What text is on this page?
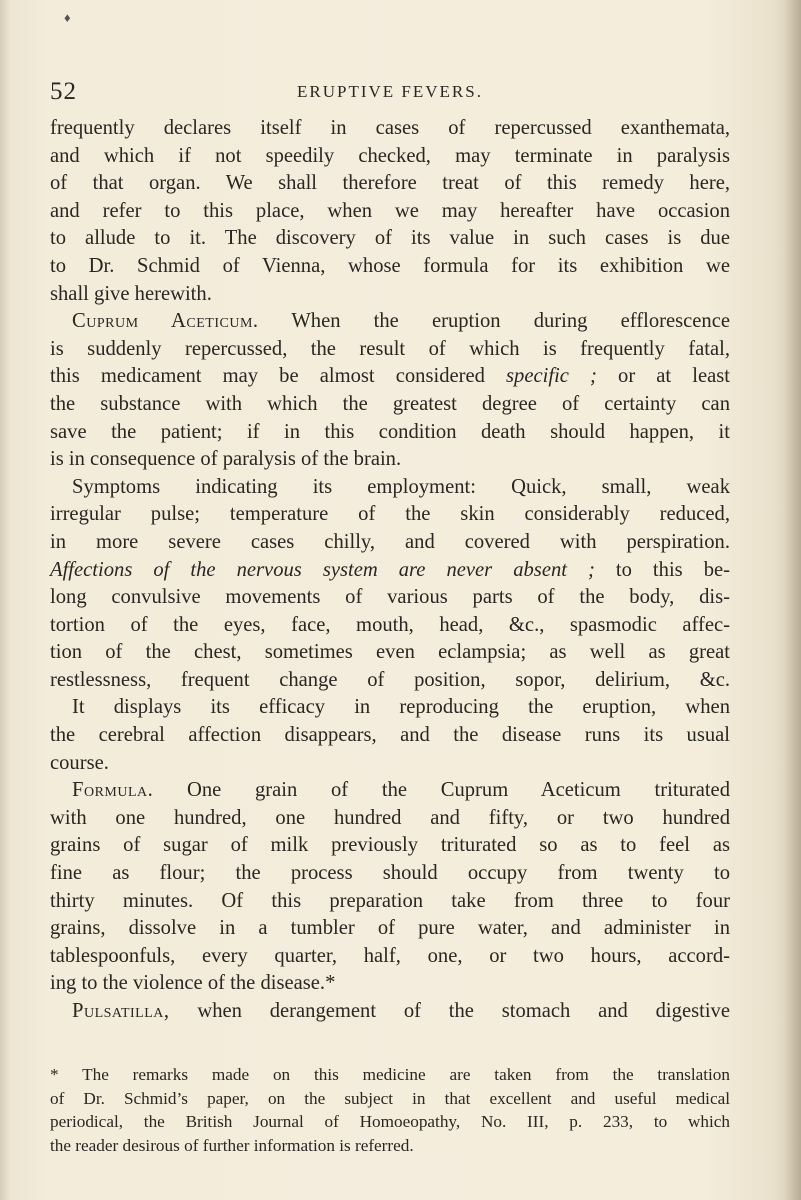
♦
52	ERUPTIVE FEVERS.
frequently declares itself in cases of repercussed exanthemata,
and which if not speedily checked, may terminate in paralysis
of that organ. We shall therefore treat of this remedy here,
and refer to this place, when we may hereafter have occasion
to allude to it. The discovery of its value in such cases is due
to Dr. Schmid of Vienna, whose formula for its exhibition we
shall give herewith.
Cuprum Aceticum. When the eruption during efflorescence
is suddenly repercussed, the result of which is frequently fatal,
this medicament may be almost considered specific ; or at least
the substance with which the greatest degree of certainty can
save the patient; if in this condition death should happen, it
is in consequence of paralysis of the brain.
Symptoms indicating its employment: Quick, small, weak
irregular pulse; temperature of the skin considerably reduced,
in more severe cases chilly, and covered with perspiration.
Affections of the nervous system are never absent ; to this be-
long convulsive movements of various parts of the body, dis-
tortion of the eyes, face, mouth, head, &c., spasmodic affec-
tion of the chest, sometimes even eclampsia; as well as great
restlessness, frequent change of position, sopor, delirium, &c.
It displays its efficacy in reproducing the eruption, when
the cerebral affection disappears, and the disease runs its usual
course.
Formula. One grain of the Cuprum Aceticum triturated
with one hundred, one hundred and fifty, or two hundred
grains of sugar of milk previously triturated so as to feel as
fine as flour; the process should occupy from twenty to
thirty minutes. Of this preparation take from three to four
grains, dissolve in a tumbler of pure water, and administer in
tablespoonfuls, every quarter, half, one, or two hours, accord-
ing to the violence of the disease.*
Pulsatilla, when derangement of the stomach and digestive
* The remarks made on this medicine are taken from the translation
of Dr. Schmid’s paper, on the subject in that excellent and useful medical
periodical, the British Journal of Homoeopathy, No. III, p. 233, to which
the reader desirous of further information is referred.
